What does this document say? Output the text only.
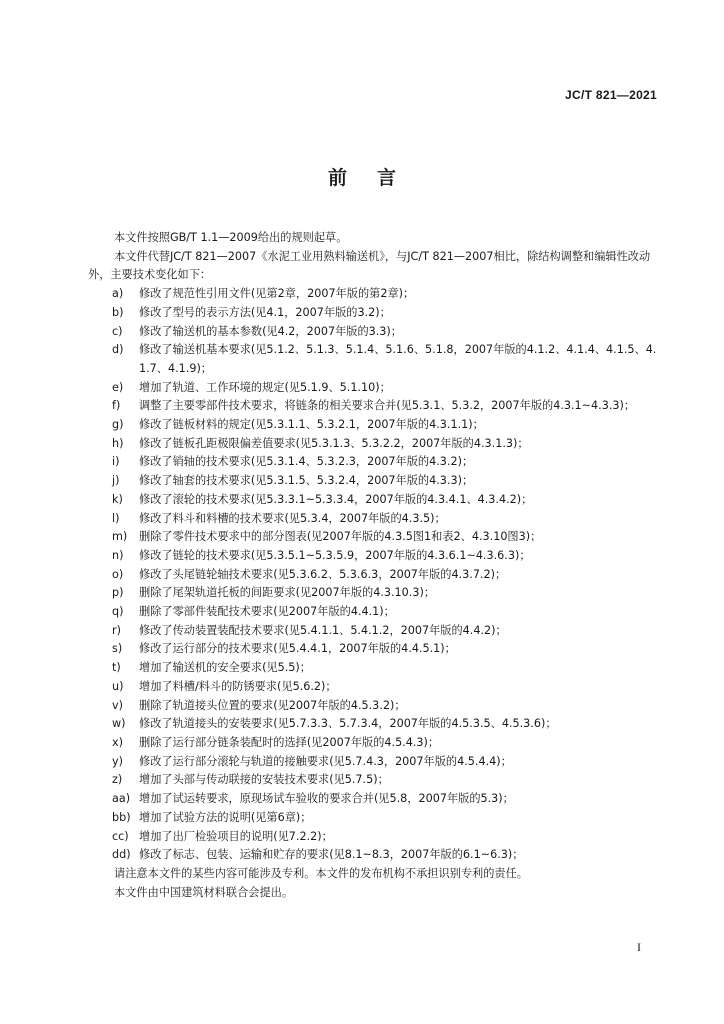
JC/T 821—2021
前言

本文件按照GB/T 1.1—2009给出的规则起草。

本文件代替JC/T 821—2007《水泥工业用熟料输送机》，与JC/T 821—2007相比，除结构调整和编辑性改动外，主要技术变化如下：

a) 修改了规范性引用文件(见第2章，2007年版的第2章)；
b) 修改了型号的表示方法(见4.1，2007年版的3.2)；
c) 修改了输送机的基本参数(见4.2，2007年版的3.3)；
d) 修改了输送机基本要求(见5.1.2、5.1.3、5.1.4、5.1.6、5.1.8，2007年版的4.1.2、4.1.4、4.1.5、4.1.7、4.1.9)；
e) 增加了轨道、工作环境的规定(见5.1.9、5.1.10)；
f) 调整了主要零部件技术要求，将链条的相关要求合并(见5.3.1、5.3.2，2007年版的4.3.1~4.3.3)；
g) 修改了链板材料的规定(见5.3.1.1、5.3.2.1，2007年版的4.3.1.1)；
h) 修改了链板孔距极限偏差值要求(见5.3.1.3、5.3.2.2，2007年版的4.3.1.3)；
i) 修改了销轴的技术要求(见5.3.1.4、5.3.2.3，2007年版的4.3.2)；
j) 修改了轴套的技术要求(见5.3.1.5、5.3.2.4，2007年版的4.3.3)；
k) 修改了滚轮的技术要求(见5.3.3.1~5.3.3.4，2007年版的4.3.4.1、4.3.4.2)；
l) 修改了料斗和料槽的技术要求(见5.3.4，2007年版的4.3.5)；
m) 删除了零件技术要求中的部分图表(见2007年版的4.3.5图1和表2、4.3.10图3)；
n) 修改了链轮的技术要求(见5.3.5.1~5.3.5.9，2007年版的4.3.6.1~4.3.6.3)；
o) 修改了头尾链轮轴技术要求(见5.3.6.2、5.3.6.3，2007年版的4.3.7.2)；
p) 删除了尾架轨道托板的间距要求(见2007年版的4.3.10.3)；
q) 删除了零部件装配技术要求(见2007年版的4.4.1)；
r) 修改了传动装置装配技术要求(见5.4.1.1、5.4.1.2，2007年版的4.4.2)；
s) 修改了运行部分的技术要求(见5.4.4.1，2007年版的4.4.5.1)；
t) 增加了输送机的安全要求(见5.5)；
u) 增加了料槽/料斗的防锈要求(见5.6.2)；
v) 删除了轨道接头位置的要求(见2007年版的4.5.3.2)；
w) 修改了轨道接头的安装要求(见5.7.3.3、5.7.3.4，2007年版的4.5.3.5、4.5.3.6)；
x) 删除了运行部分链条装配时的选择(见2007年版的4.5.4.3)；
y) 修改了运行部分滚轮与轨道的接触要求(见5.7.4.3，2007年版的4.5.4.4)；
z) 增加了头部与传动联接的安装技术要求(见5.7.5)；
aa) 增加了试运转要求，原现场试车验收的要求合并(见5.8，2007年版的5.3)；
bb) 增加了试验方法的说明(见第6章)；
cc) 增加了出厂检验项目的说明(见7.2.2)；
dd) 修改了标志、包装、运输和贮存的要求(见8.1~8.3，2007年版的6.1~6.3)；

请注意本文件的某些内容可能涉及专利。本文件的发布机构不承担识别专利的责任。

本文件由中国建筑材料联合会提出。

I
